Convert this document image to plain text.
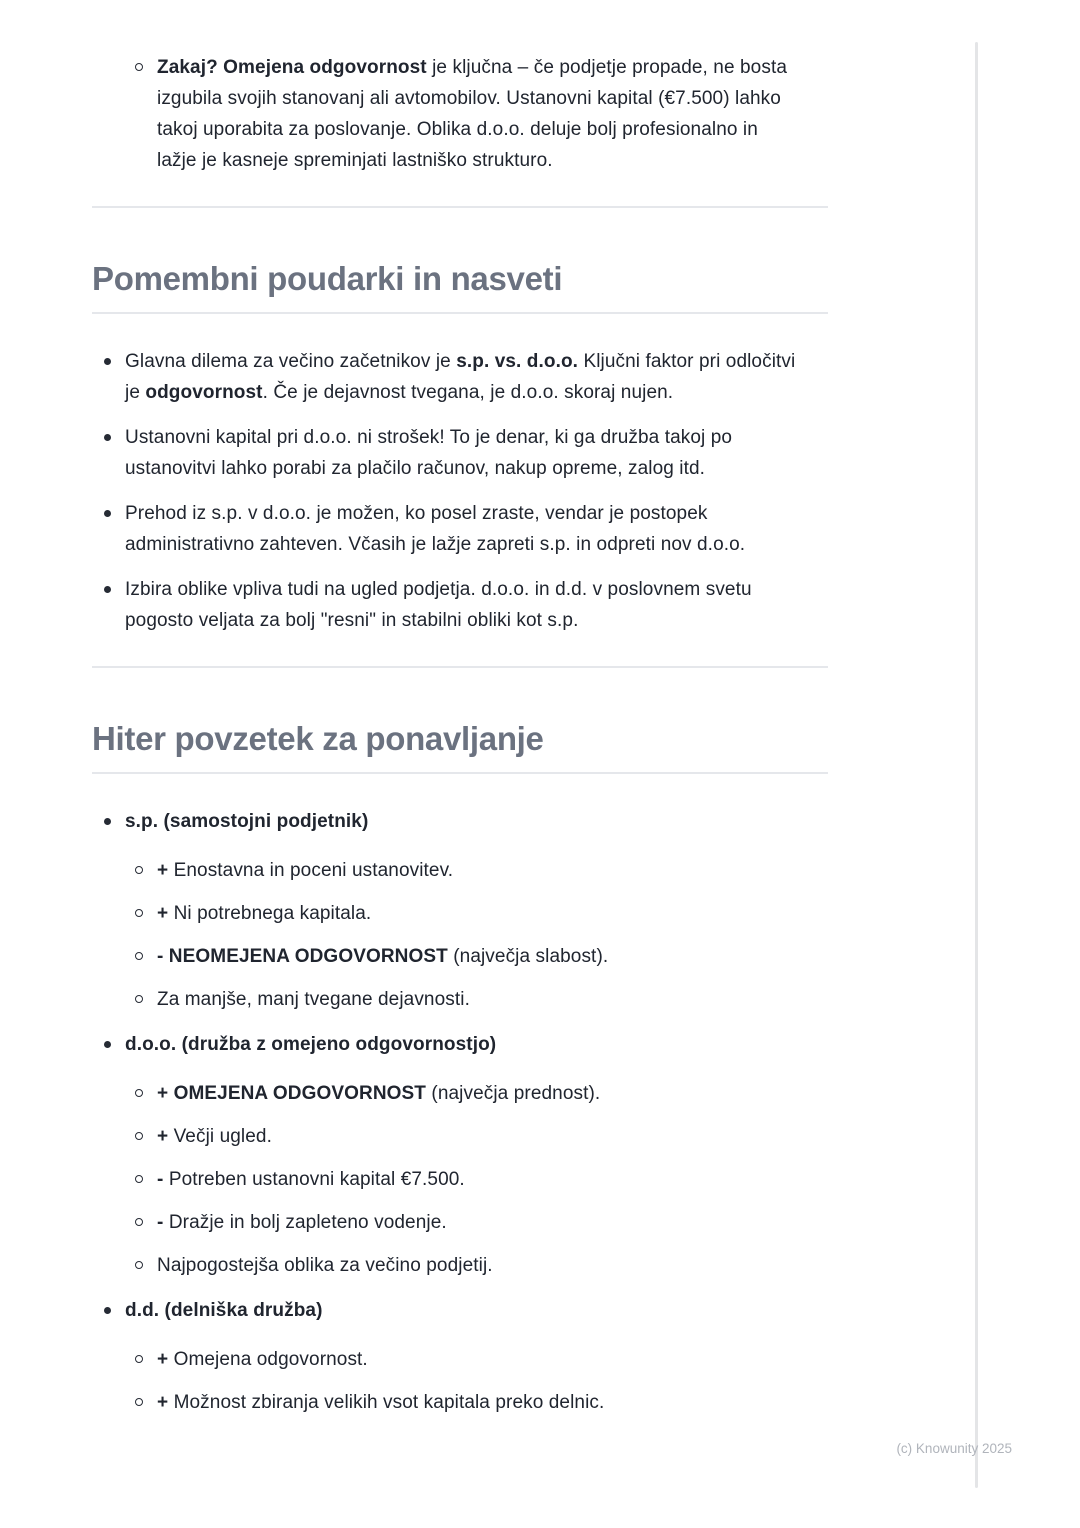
Zakaj? Omejena odgovornost je ključna – če podjetje propade, ne bosta izgubila svojih stanovanj ali avtomobilov. Ustanovni kapital (€7.500) lahko takoj uporabita za poslovanje. Oblika d.o.o. deluje bolj profesionalno in lažje je kasneje spreminjati lastniško strukturo.
Pomembni poudarki in nasveti
Glavna dilema za večino začetnikov je s.p. vs. d.o.o. Ključni faktor pri odločitvi je odgovornost. Če je dejavnost tvegana, je d.o.o. skoraj nujen.
Ustanovni kapital pri d.o.o. ni strošek! To je denar, ki ga družba takoj po ustanovitvi lahko porabi za plačilo računov, nakup opreme, zalog itd.
Prehod iz s.p. v d.o.o. je možen, ko posel zraste, vendar je postopek administrativno zahteven. Včasih je lažje zapreti s.p. in odpreti nov d.o.o.
Izbira oblike vpliva tudi na ugled podjetja. d.o.o. in d.d. v poslovnem svetu pogosto veljata za bolj "resni" in stabilni obliki kot s.p.
Hiter povzetek za ponavljanje
s.p. (samostojni podjetnik)
+ Enostavna in poceni ustanovitev.
+ Ni potrebnega kapitala.
- NEOMEJENA ODGOVORNOST (največja slabost).
Za manjše, manj tvegane dejavnosti.
d.o.o. (družba z omejeno odgovornostjo)
+ OMEJENA ODGOVORNOST (največja prednost).
+ Večji ugled.
- Potreben ustanovni kapital €7.500.
- Dražje in bolj zapleteno vodenje.
Najpogostejša oblika za večino podjetij.
d.d. (delniška družba)
+ Omejena odgovornost.
+ Možnost zbiranja velikih vsot kapitala preko delnic.
(c) Knowunity 2025
